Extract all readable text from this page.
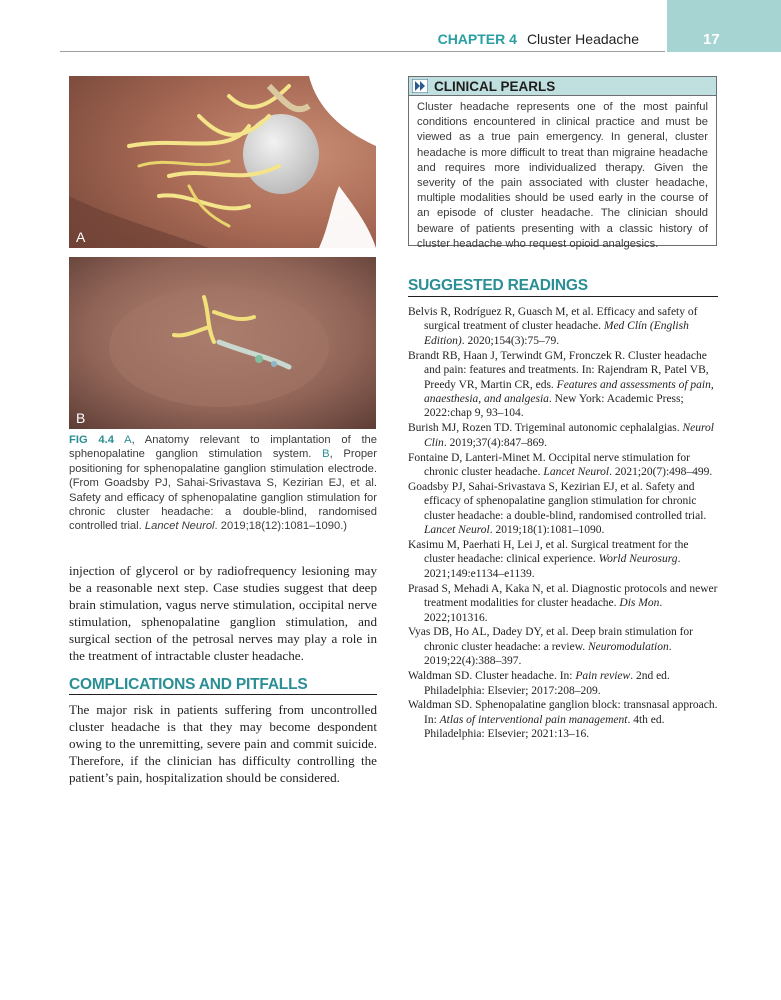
CHAPTER 4 Cluster Headache	17
A
B
FIG 4.4 A, Anatomy relevant to implantation of the sphenopalatine ganglion stimulation system. B, Proper positioning for sphenopalatine ganglion stimulation electrode. (From Goadsby PJ, Sahai-Srivastava S, Kezirian EJ, et al. Safety and efficacy of sphenopalatine ganglion stimulation for chronic cluster headache: a double-blind, randomised controlled trial. Lancet Neurol. 2019;18(12):1081–1090.)

injection of glycerol or by radiofrequency lesioning may be a reasonable next step. Case studies suggest that deep brain stimulation, vagus nerve stimulation, occipital nerve stimulation, sphenopalatine ganglion stimulation, and surgical section of the petrosal nerves may play a role in the treatment of intractable cluster headache.

COMPLICATIONS AND PITFALLS

The major risk in patients suffering from uncontrolled cluster headache is that they may become despondent owing to the unremitting, severe pain and commit suicide. Therefore, if the clinician has difficulty controlling the patient’s pain, hospitalization should be considered.

CLINICAL PEARLS

Cluster headache represents one of the most painful conditions encountered in clinical practice and must be viewed as a true pain emergency. In general, cluster headache is more difficult to treat than migraine headache and requires more individualized therapy. Given the severity of the pain associated with cluster headache, multiple modalities should be used early in the course of an episode of cluster headache. The clinician should beware of patients presenting with a classic history of cluster headache who request opioid analgesics.

SUGGESTED READINGS

Belvis R, Rodríguez R, Guasch M, et al. Efficacy and safety of surgical treatment of cluster headache. Med Clín (English Edition). 2020;154(3):75–79.

Brandt RB, Haan J, Terwindt GM, Fronczek R. Cluster headache and pain: features and treatments. In: Rajendram R, Patel VB, Preedy VR, Martin CR, eds. Features and assessments of pain, anaesthesia, and analgesia. New York: Academic Press; 2022:chap 9, 93–104.

Burish MJ, Rozen TD. Trigeminal autonomic cephalalgias. Neurol Clin. 2019;37(4):847–869.

Fontaine D, Lanteri-Minet M. Occipital nerve stimulation for chronic cluster headache. Lancet Neurol. 2021;20(7):498–499.

Goadsby PJ, Sahai-Srivastava S, Kezirian EJ, et al. Safety and efficacy of sphenopalatine ganglion stimulation for chronic cluster headache: a double-blind, randomised controlled trial. Lancet Neurol. 2019;18(1):1081–1090.

Kasimu M, Paerhati H, Lei J, et al. Surgical treatment for the cluster headache: clinical experience. World Neurosurg. 2021;149:e1134–e1139.

Prasad S, Mehadi A, Kaka N, et al. Diagnostic protocols and newer treatment modalities for cluster headache. Dis Mon. 2022;101316.

Vyas DB, Ho AL, Dadey DY, et al. Deep brain stimulation for chronic cluster headache: a review. Neuromodulation. 2019;22(4):388–397.

Waldman SD. Cluster headache. In: Pain review. 2nd ed. Philadelphia: Elsevier; 2017:208–209.

Waldman SD. Sphenopalatine ganglion block: transnasal approach. In: Atlas of interventional pain management. 4th ed. Philadelphia: Elsevier; 2021:13–16.
